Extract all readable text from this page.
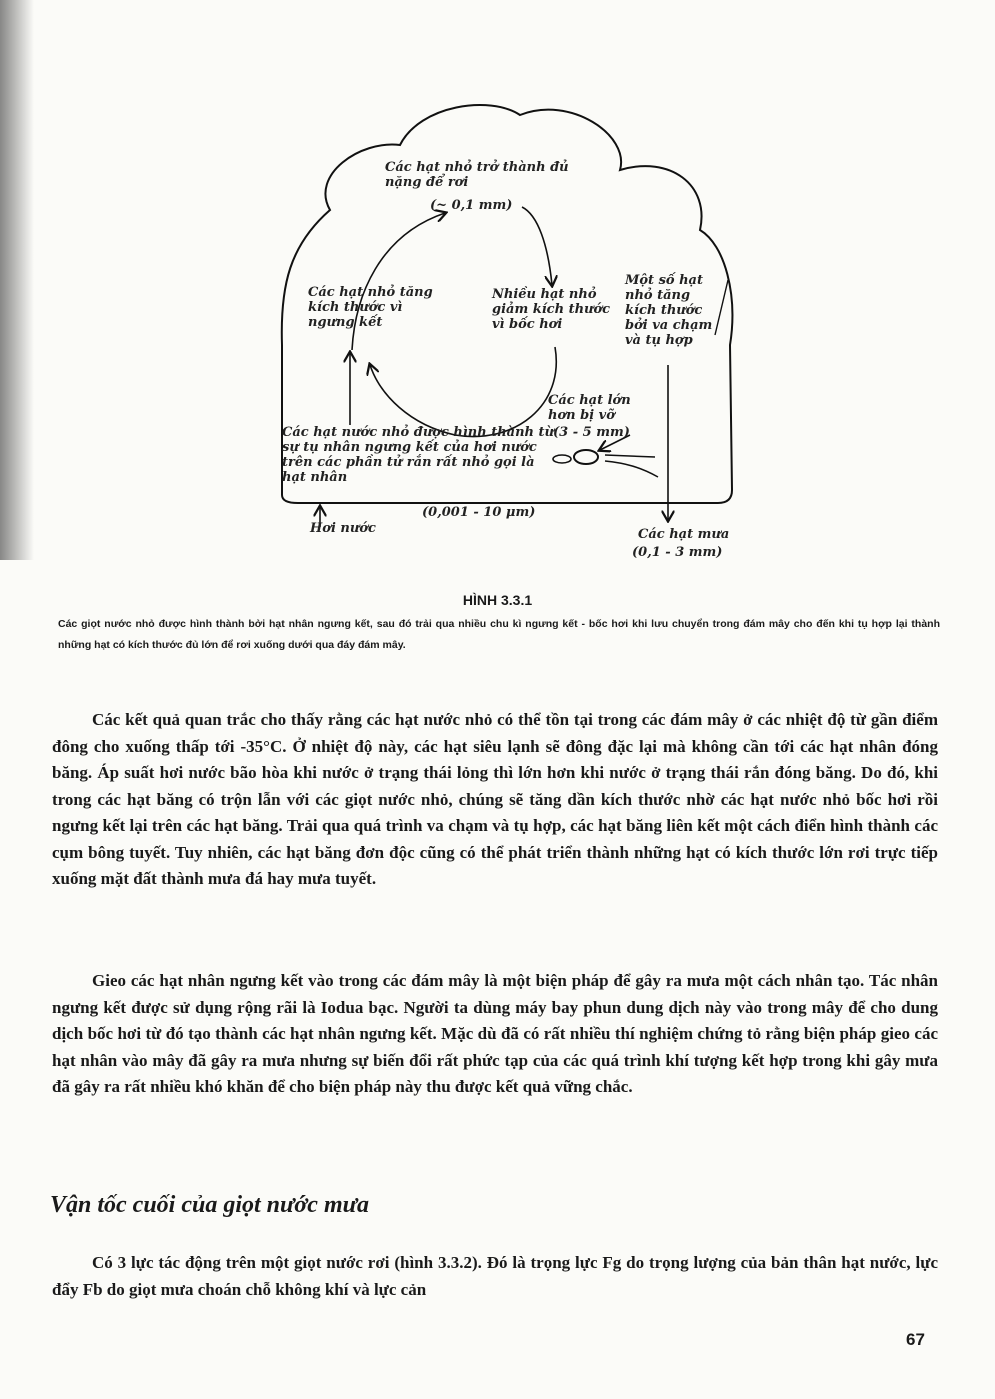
Các hạt nhỏ trở thành đủ nặng để rơi
(~ 0,1 mm)
Các hạt nhỏ tăng kích thước vì ngưng kết
Nhiều hạt nhỏ giảm kích thước vì bốc hơi
Một số hạt nhỏ tăng kích thước bởi va chạm và tụ hợp
Các hạt lớn hơn bị vỡ
(3 - 5 mm)
Các hạt nước nhỏ được hình thành từ sự tụ nhân ngưng kết của hơi nước trên các phần tử rắn rất nhỏ gọi là hạt nhân
(0,001 - 10 μm)
Hơi nước	Các hạt mưa
(0,1 - 3 mm)
HÌNH 3.3.1
Các giọt nước nhỏ được hình thành bởi hạt nhân ngưng kết, sau đó trải qua nhiều chu kì ngưng kết - bốc hơi khi lưu chuyển trong đám mây cho đến khi tụ hợp lại thành những hạt có kích thước đủ lớn để rơi xuống dưới qua đáy đám mây.
Các kết quả quan trắc cho thấy rằng các hạt nước nhỏ có thể tồn tại trong các đám mây ở các nhiệt độ từ gần điểm đông cho xuống thấp tới -35°C. Ở nhiệt độ này, các hạt siêu lạnh sẽ đông đặc lại mà không cần tới các hạt nhân đóng băng. Áp suất hơi nước bão hòa khi nước ở trạng thái lỏng thì lớn hơn khi nước ở trạng thái rắn đóng băng. Do đó, khi trong các hạt băng có trộn lẫn với các giọt nước nhỏ, chúng sẽ tăng dần kích thước nhờ các hạt nước nhỏ bốc hơi rồi ngưng kết lại trên các hạt băng. Trải qua quá trình va chạm và tụ hợp, các hạt băng liên kết một cách điển hình thành các cụm bông tuyết. Tuy nhiên, các hạt băng đơn độc cũng có thể phát triển thành những hạt có kích thước lớn rơi trực tiếp xuống mặt đất thành mưa đá hay mưa tuyết.
Gieo các hạt nhân ngưng kết vào trong các đám mây là một biện pháp để gây ra mưa một cách nhân tạo. Tác nhân ngưng kết được sử dụng rộng rãi là Iodua bạc. Người ta dùng máy bay phun dung dịch này vào trong mây để cho dung dịch bốc hơi từ đó tạo thành các hạt nhân ngưng kết. Mặc dù đã có rất nhiều thí nghiệm chứng tỏ rằng biện pháp gieo các hạt nhân vào mây đã gây ra mưa nhưng sự biến đổi rất phức tạp của các quá trình khí tượng kết hợp trong khi gây mưa đã gây ra rất nhiều khó khăn để cho biện pháp này thu được kết quả vững chắc.
Vận tốc cuối của giọt nước mưa
Có 3 lực tác động trên một giọt nước rơi (hình 3.3.2). Đó là trọng lực Fg do trọng lượng của bản thân hạt nước, lực đẩy Fb do giọt mưa choán chỗ không khí và lực cản
67
